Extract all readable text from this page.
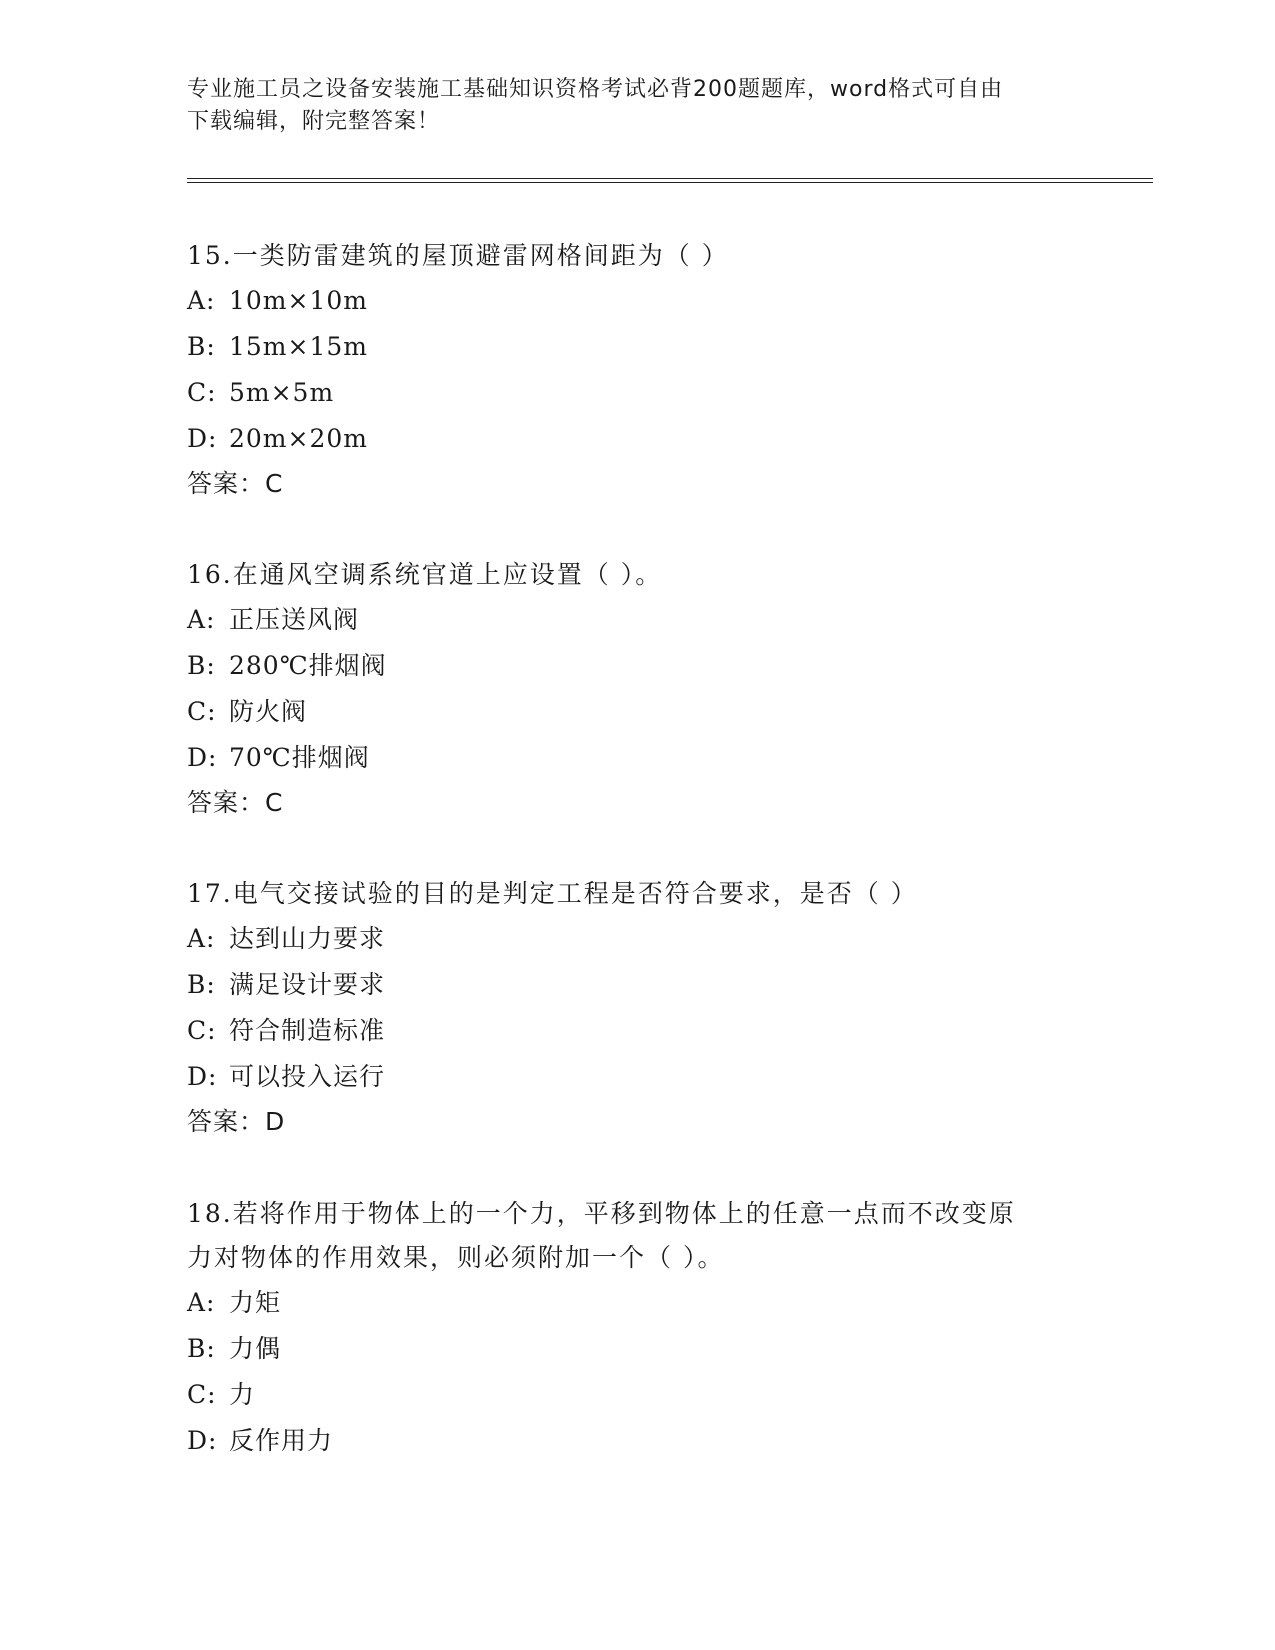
专业施工员之设备安装施工基础知识资格考试必背200题题库，word格式可自由
下载编辑，附完整答案！

15.一类防雷建筑的屋顶避雷网格间距为（ ）

A: 10m×10m

B: 15m×15m

C: 5m×5m

D: 20m×20m

答案：C

16.在通风空调系统官道上应设置（ ）。

A: 正压送风阀

B: 280℃排烟阀

C: 防火阀

D: 70℃排烟阀

答案：C

17.电气交接试验的目的是判定工程是否符合要求，是否（ ）

A: 达到山力要求

B: 满足设计要求

C: 符合制造标准

D: 可以投入运行

答案：D

18.若将作用于物体上的一个力，平移到物体上的任意一点而不改变原

力对物体的作用效果，则必须附加一个（ ）。

A: 力矩

B: 力偶

C: 力

D: 反作用力
